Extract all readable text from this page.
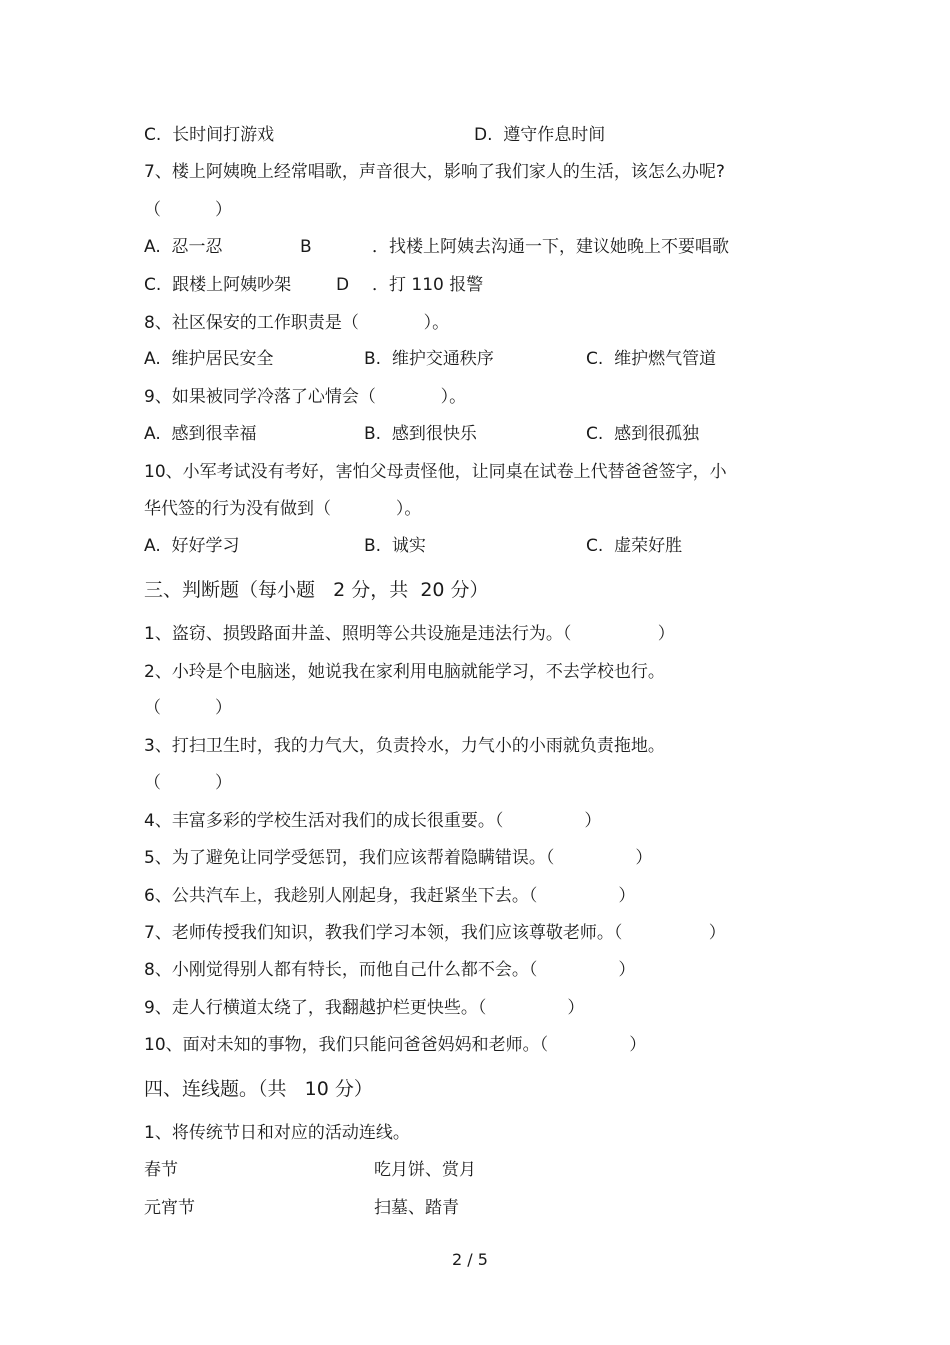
C.  长时间打游戏	D.  遵守作息时间
7、楼上阿姨晚上经常唱歌，声音很大，影响了我们家人的生活，该怎么办呢?
（          ）
A.  忍一忍	B	．找楼上阿姨去沟通一下，建议她晚上不要唱歌
C.  跟楼上阿姨吵架	D ．打 110 报警
8、社区保安的工作职责是（            ）。
A.  维护居民安全	B.  维护交通秩序	C.  维护燃气管道
9、如果被同学冷落了心情会（            ）。
A.  感到很幸福	B.  感到很快乐	C.  感到很孤独
10、小军考试没有考好，害怕父母责怪他，让同桌在试卷上代替爸爸签字，小
华代签的行为没有做到（            ）。
A.  好好学习	B.  诚实	C.  虚荣好胜
三、判断题（每小题   2 分，共  20 分）
1、盗窃、损毁路面井盖、照明等公共设施是违法行为。（                ）
2、小玲是个电脑迷，她说我在家利用电脑就能学习，不去学校也行。
（          ）
3、打扫卫生时，我的力气大，负责拎水，力气小的小雨就负责拖地。
（          ）
4、丰富多彩的学校生活对我们的成长很重要。（               ）
5、为了避免让同学受惩罚，我们应该帮着隐瞒错误。（               ）
6、公共汽车上，我趁别人刚起身，我赶紧坐下去。（               ）
7、老师传授我们知识，教我们学习本领，我们应该尊敬老师。（                ）
8、小刚觉得别人都有特长，而他自己什么都不会。（               ）
9、走人行横道太绕了，我翻越护栏更快些。（               ）
10、面对未知的事物，我们只能问爸爸妈妈和老师。（               ）
四、连线题。（共   10 分）
1、将传统节日和对应的活动连线。
春节	吃月饼、赏月
元宵节	扫墓、踏青
2 / 5
